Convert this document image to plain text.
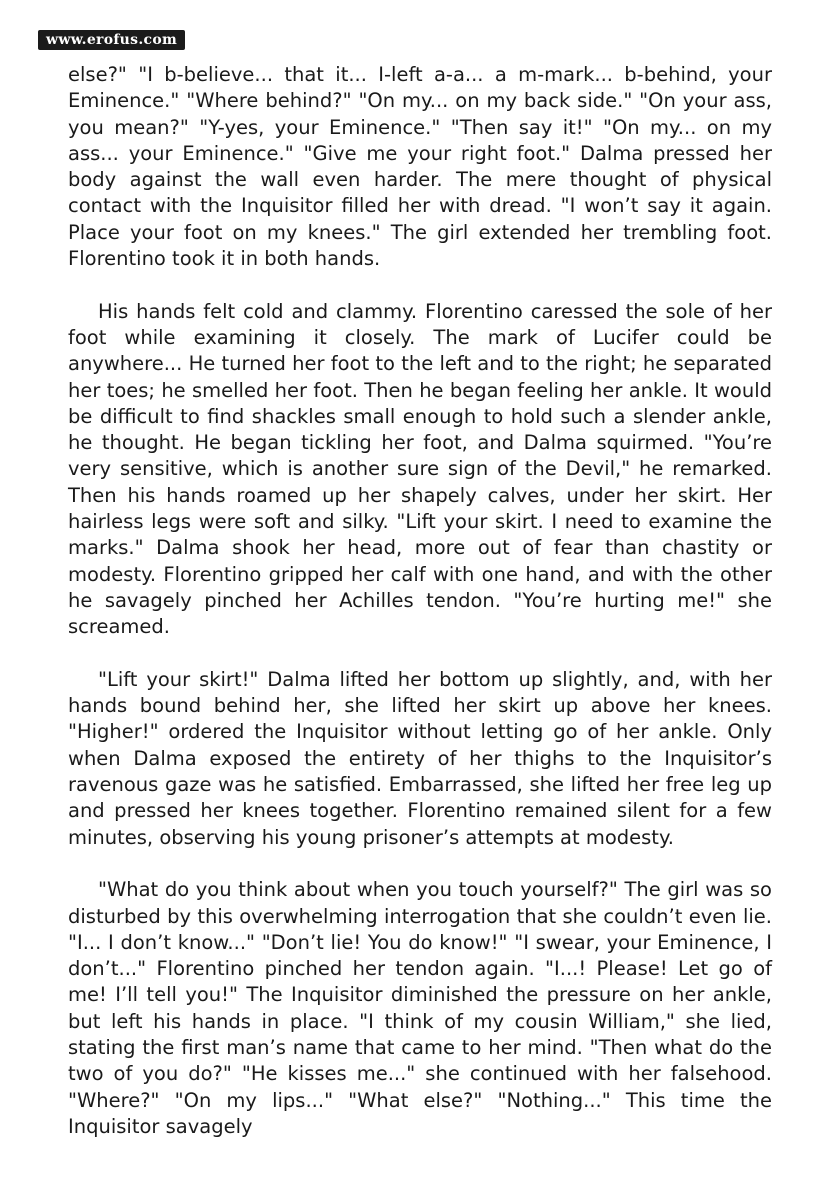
www.erofus.com

else?" "I b-believe... that it... I-left a-a... a m-mark... b-behind, your Eminence." "Where behind?" "On my... on my back side." "On your ass, you mean?" "Y-yes, your Eminence." "Then say it!" "On my... on my ass... your Eminence." "Give me your right foot." Dalma pressed her body against the wall even harder. The mere thought of physical contact with the Inquisitor filled her with dread. "I won’t say it again. Place your foot on my knees." The girl extended her trembling foot. Florentino took it in both hands.

His hands felt cold and clammy. Florentino caressed the sole of her foot while examining it closely. The mark of Lucifer could be anywhere... He turned her foot to the left and to the right; he separated her toes; he smelled her foot. Then he began feeling her ankle. It would be difficult to find shackles small enough to hold such a slender ankle, he thought. He began tickling her foot, and Dalma squirmed. "You’re very sensitive, which is another sure sign of the Devil," he remarked. Then his hands roamed up her shapely calves, under her skirt. Her hairless legs were soft and silky. "Lift your skirt. I need to examine the marks." Dalma shook her head, more out of fear than chastity or modesty. Florentino gripped her calf with one hand, and with the other he savagely pinched her Achilles tendon. "You’re hurting me!" she screamed.

"Lift your skirt!" Dalma lifted her bottom up slightly, and, with her hands bound behind her, she lifted her skirt up above her knees. "Higher!" ordered the Inquisitor without letting go of her ankle. Only when Dalma exposed the entirety of her thighs to the Inquisitor’s ravenous gaze was he satisfied. Embarrassed, she lifted her free leg up and pressed her knees together. Florentino remained silent for a few minutes, observing his young prisoner’s attempts at modesty.

"What do you think about when you touch yourself?" The girl was so disturbed by this overwhelming interrogation that she couldn’t even lie. "I... I don’t know..." "Don’t lie! You do know!" "I swear, your Eminence, I don’t..." Florentino pinched her tendon again. "I...! Please! Let go of me! I’ll tell you!" The Inquisitor diminished the pressure on her ankle, but left his hands in place. "I think of my cousin William," she lied, stating the first man’s name that came to her mind. "Then what do the two of you do?" "He kisses me..." she continued with her falsehood. "Where?" "On my lips..." "What else?" "Nothing..." This time the Inquisitor savagely
